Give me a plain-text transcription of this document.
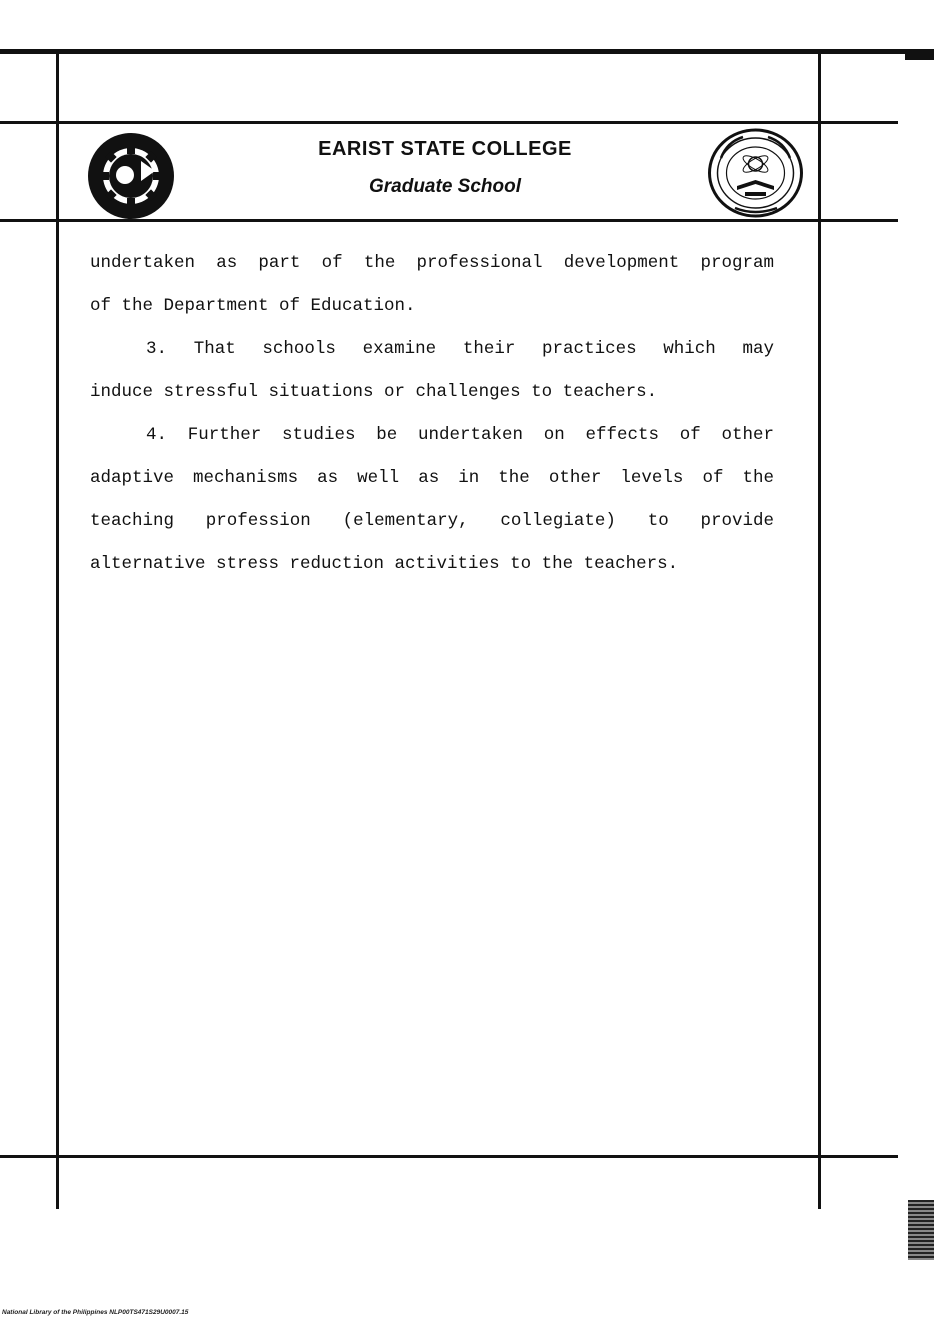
EARIST STATE COLLEGE
Graduate School
undertaken as part of the professional development program
of the Department of Education.
3. That schools examine their practices which may
induce stressful situations or challenges to teachers.
4. Further studies be undertaken on effects of other
adaptive mechanisms as well as in the other levels of the
teaching profession (elementary, collegiate) to provide
alternative stress reduction activities to the teachers.
National Library of the Philippines NLP00TS471S29U0007.15
